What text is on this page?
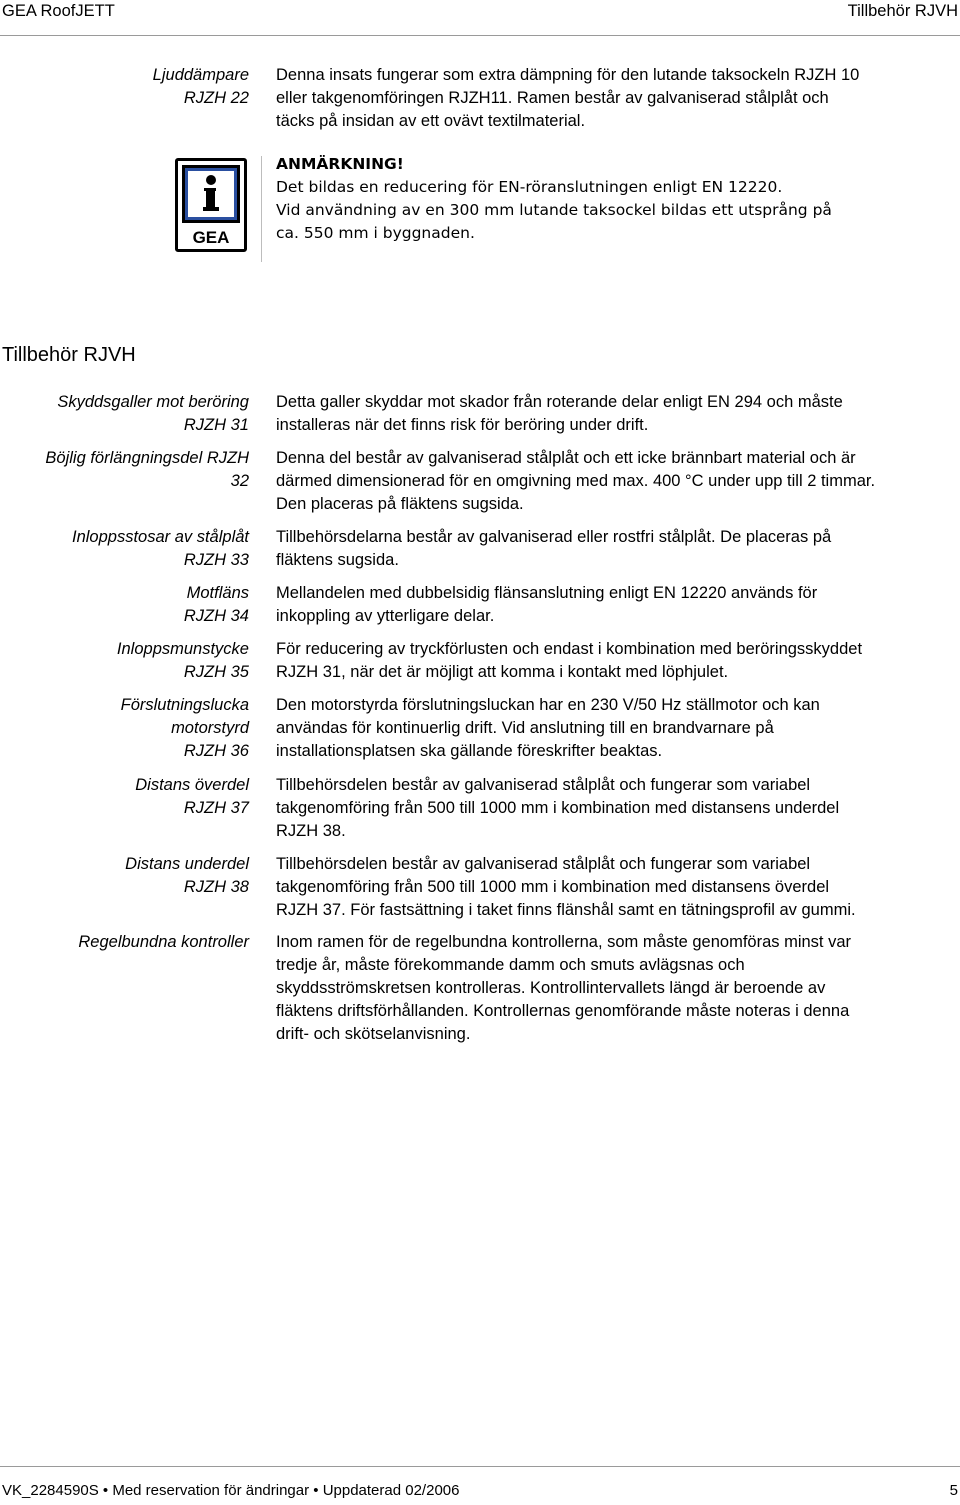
GEA RoofJETT	Tillbehör RJVH
Ljuddämpare
RJZH 22
Denna insats fungerar som extra dämpning för den lutande taksockeln RJZH 10
eller takgenomföringen RJZH11. Ramen består av galvaniserad stålplåt och
täcks på insidan av ett ovävt textilmaterial.
GEA
ANMÄRKNING!
Det bildas en reducering för EN-röranslutningen enligt EN 12220.
Vid användning av en 300 mm lutande taksockel bildas ett utsprång på
ca. 550 mm i byggnaden.
Tillbehör RJVH
Skyddsgaller mot beröring
RJZH 31
Detta galler skyddar mot skador från roterande delar enligt EN 294 och måste
installeras när det finns risk för beröring under drift.
Böjlig förlängningsdel RJZH
32
Denna del består av galvaniserad stålplåt och ett icke brännbart material och är
därmed dimensionerad för en omgivning med max. 400 °C under upp till 2 timmar.
Den placeras på fläktens sugsida.
Inloppsstosar av stålplåt
RJZH 33
Tillbehörsdelarna består av galvaniserad eller rostfri stålplåt. De placeras på
fläktens sugsida.
Motfläns
RJZH 34
Mellandelen med dubbelsidig flänsanslutning enligt EN 12220 används för
inkoppling av ytterligare delar.
Inloppsmunstycke
RJZH 35
För reducering av tryckförlusten och endast i kombination med beröringsskyddet
RJZH 31, när det är möjligt att komma i kontakt med löphjulet.
Förslutningslucka
motorstyrd
RJZH 36
Den motorstyrda förslutningsluckan har en 230 V/50 Hz ställmotor och kan
användas för kontinuerlig drift. Vid anslutning till en brandvarnare på
installationsplatsen ska gällande föreskrifter beaktas.
Distans överdel
RJZH 37
Tillbehörsdelen består av galvaniserad stålplåt och fungerar som variabel
takgenomföring från 500 till 1000 mm i kombination med distansens underdel
RJZH 38.
Distans underdel
RJZH 38
Tillbehörsdelen består av galvaniserad stålplåt och fungerar som variabel
takgenomföring från 500 till 1000 mm i kombination med distansens överdel
RJZH 37. För fastsättning i taket finns flänshål samt en tätningsprofil av gummi.
Regelbundna kontroller Inom ramen för de regelbundna kontrollerna, som måste genomföras minst var
tredje år, måste förekommande damm och smuts avlägsnas och
skyddsströmskretsen kontrolleras. Kontrollintervallets längd är beroende av
fläktens driftsförhållanden. Kontrollernas genomförande måste noteras i denna
drift- och skötselanvisning.
VK_2284590S • Med reservation för ändringar • Uppdaterad 02/2006	5
